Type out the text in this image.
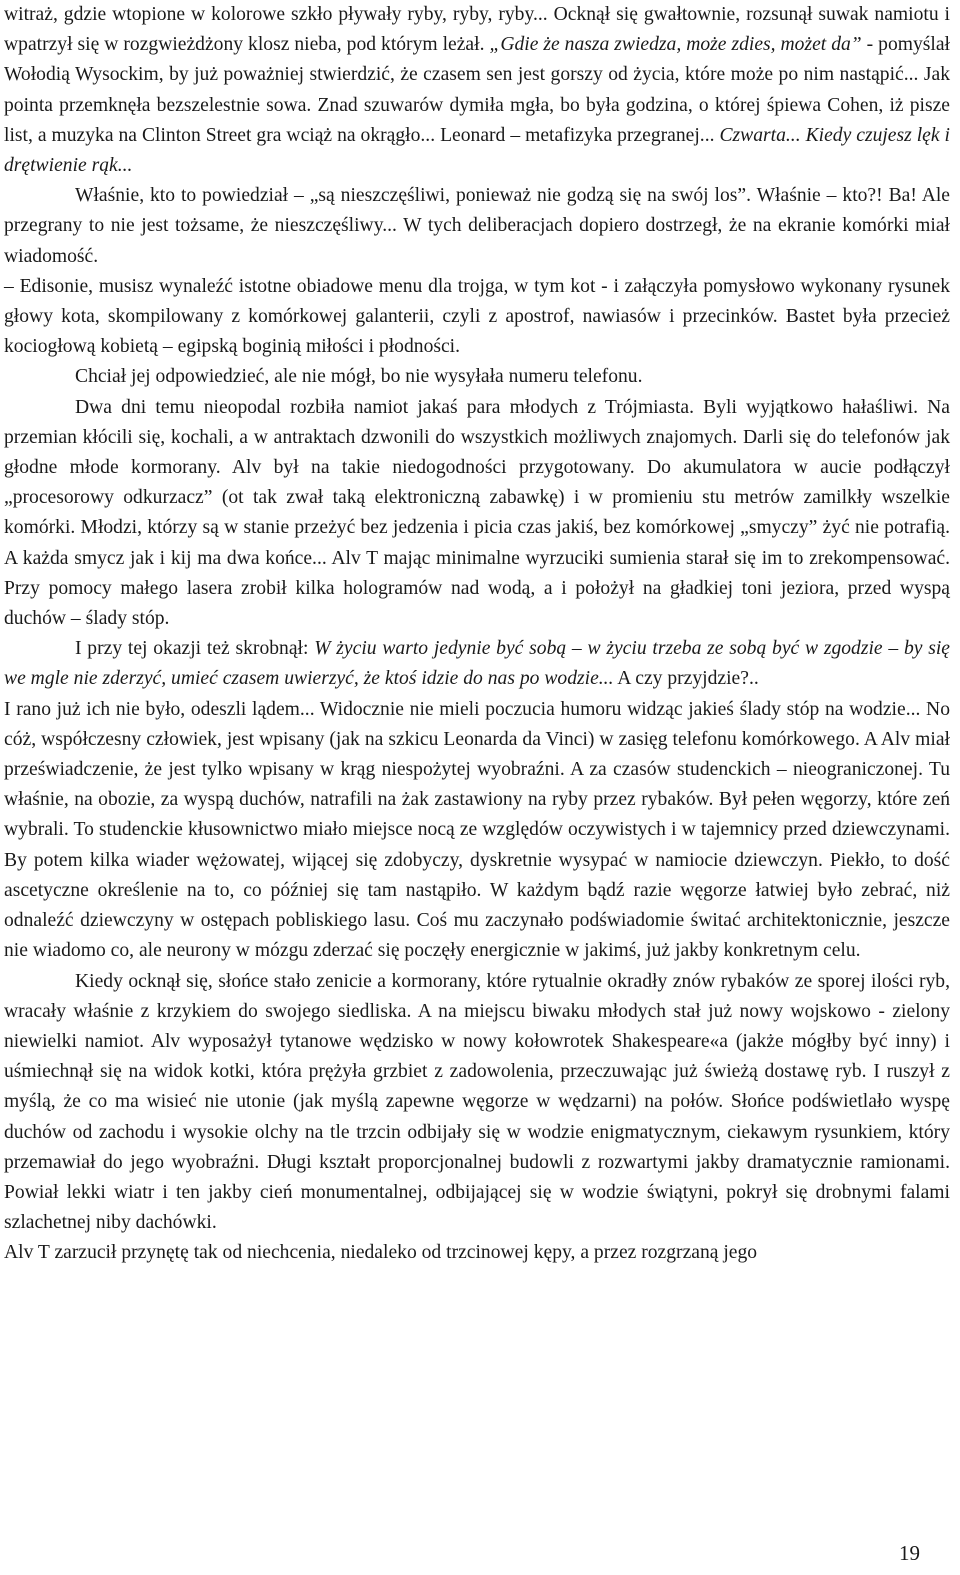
witraż, gdzie wtopione w kolorowe szkło pływały ryby, ryby, ryby... Ocknął się gwałtownie, rozsunął suwak namiotu i wpatrzył się w rozgwieżdżony klosz nieba, pod którym leżał. „Gdie że nasza zwiedza, może zdies, możet da” - pomyślał Wołodią Wysockim, by już poważniej stwierdzić, że czasem sen jest gorszy od życia, które może po nim nastąpić... Jak pointa przemknęła bezszelestnie sowa. Znad szuwarów dymiła mgła, bo była godzina, o której śpiewa Cohen, iż pisze list, a muzyka na Clinton Street gra wciąż na okrągło... Leonard – metafizyka przegranej... Czwarta... Kiedy czujesz lęk i drętwienie rąk...

Właśnie, kto to powiedział – „są nieszczęśliwi, ponieważ nie godzą się na swój los”. Właśnie – kto?! Ba! Ale przegrany to nie jest tożsame, że nieszczęśliwy... W tych deliberacjach dopiero dostrzegł, że na ekranie komórki miał wiadomość.

– Edisonie, musisz wynaleźć istotne obiadowe menu dla trojga, w tym kot - i załączyła pomysłowo wykonany rysunek głowy kota, skompilowany z komórkowej galanterii, czyli z apostrof, nawiasów i przecinków. Bastet była przecież kociogłową kobietą – egipską boginią miłości i płodności.

Chciał jej odpowiedzieć, ale nie mógł, bo nie wysyłała numeru telefonu.

Dwa dni temu nieopodal rozbiła namiot jakaś para młodych z Trójmiasta. Byli wyjątkowo hałaśliwi. Na przemian kłócili się, kochali, a w antraktach dzwonili do wszystkich możliwych znajomych. Darli się do telefonów jak głodne młode kormorany. Alv był na takie niedogodności przygotowany. Do akumulatora w aucie podłączył „procesorowy odkurzacz” (ot tak zwał taką elektroniczną zabawkę) i w promieniu stu metrów zamilkły wszelkie komórki. Młodzi, którzy są w stanie przeżyć bez jedzenia i picia czas jakiś, bez komórkowej „smyczy” żyć nie potrafią. A każda smycz jak i kij ma dwa końce... Alv T mając minimalne wyrzuciki sumienia starał się im to zrekompensować. Przy pomocy małego lasera zrobił kilka hologramów nad wodą, a i położył na gładkiej toni jeziora, przed wyspą duchów – ślady stóp.

I przy tej okazji też skrobnął: W życiu warto jedynie być sobą – w życiu trzeba ze sobą być w zgodzie – by się we mgle nie zderzyć, umieć czasem uwierzyć, że ktoś idzie do nas po wodzie... A czy przyjdzie?..

I rano już ich nie było, odeszli lądem... Widocznie nie mieli poczucia humoru widząc jakieś ślady stóp na wodzie... No cóż, współczesny człowiek, jest wpisany (jak na szkicu Leonarda da Vinci) w zasięg telefonu komórkowego. A Alv miał przeświadczenie, że jest tylko wpisany w krąg niespożytej wyobraźni. A za czasów studenckich – nieograniczonej. Tu właśnie, na obozie, za wyspą duchów, natrafili na żak zastawiony na ryby przez rybaków. Był pełen węgorzy, które zeń wybrali. To studenckie kłusownictwo miało miejsce nocą ze względów oczywistych i w tajemnicy przed dziewczynami. By potem kilka wiader wężowatej, wijącej się zdobyczy, dyskretnie wysypać w namiocie dziewczyn. Piekło, to dość ascetyczne określenie na to, co później się tam nastąpiło. W każdym bądź razie węgorze łatwiej było zebrać, niż odnaleźć dziewczyny w ostępach pobliskiego lasu. Coś mu zaczynało podświadomie świtać architektonicznie, jeszcze nie wiadomo co, ale neurony w mózgu zderzać się poczęły energicznie w jakimś, już jakby konkretnym celu.

Kiedy ocknął się, słońce stało zenicie a kormorany, które rytualnie okradły znów rybaków ze sporej ilości ryb, wracały właśnie z krzykiem do swojego siedliska. A na miejscu biwaku młodych stał już nowy wojskowo - zielony niewielki namiot. Alv wyposażył tytanowe wędzisko w nowy kołowrotek Shakespeare«a (jakże mógłby być inny) i uśmiechnął się na widok kotki, która prężyła grzbiet z zadowolenia, przeczuwając już świeżą dostawę ryb. I ruszył z myślą, że co ma wisieć nie utonie (jak myślą zapewne węgorze w wędzarni) na połów. Słońce podświetlało wyspę duchów od zachodu i wysokie olchy na tle trzcin odbijały się w wodzie enigmatycznym, ciekawym rysunkiem, który przemawiał do jego wyobraźni. Długi kształt proporcjonalnej budowli z rozwartymi jakby dramatycznie ramionami. Powiał lekki wiatr i ten jakby cień monumentalnej, odbijającej się w wodzie świątyni, pokrył się drobnymi falami szlachetnej niby dachówki.

Alv T zarzucił przynętę tak od niechcenia, niedaleko od trzcinowej kępy, a przez rozgrzaną jego

19
